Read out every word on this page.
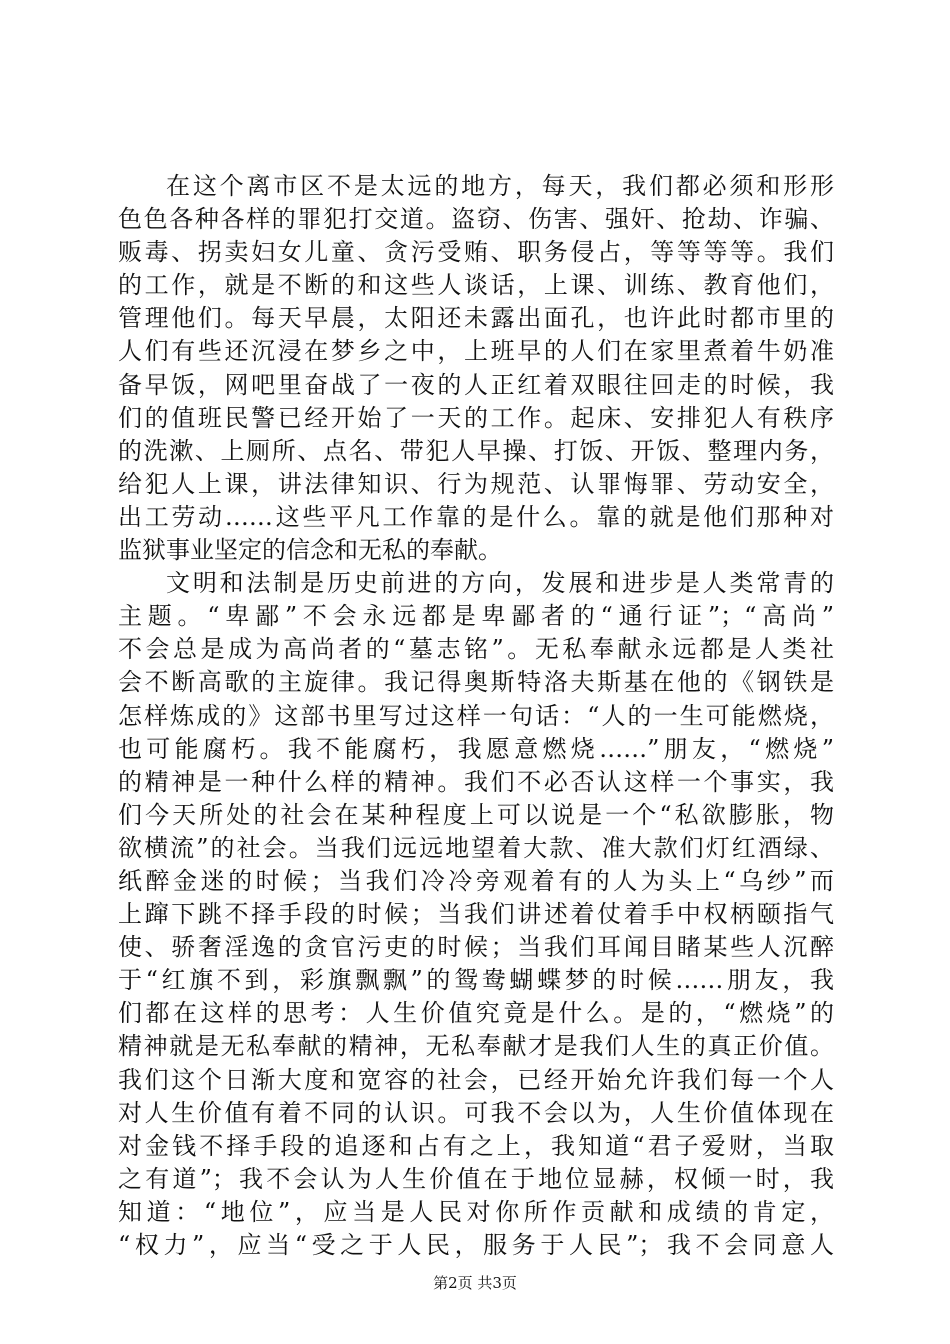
在这个离市区不是太远的地方，每天，我们都必须和形形
色色各种各样的罪犯打交道。盗窃、伤害、强奸、抢劫、诈骗、
贩毒、拐卖妇女儿童、贪污受贿、职务侵占，等等等等。我们
的工作，就是不断的和这些人谈话，上课、训练、教育他们，
管理他们。每天早晨，太阳还未露出面孔，也许此时都市里的
人们有些还沉浸在梦乡之中，上班早的人们在家里煮着牛奶准
备早饭，网吧里奋战了一夜的人正红着双眼往回走的时候，我
们的值班民警已经开始了一天的工作。起床、安排犯人有秩序
的洗漱、上厕所、点名、带犯人早操、打饭、开饭、整理内务，
给犯人上课，讲法律知识、行为规范、认罪悔罪、劳动安全，
出工劳动……这些平凡工作靠的是什么。靠的就是他们那种对
监狱事业坚定的信念和无私的奉献。
文明和法制是历史前进的方向，发展和进步是人类常青的
主题。“卑鄙”不会永远都是卑鄙者的“通行证”；“高尚”
不会总是成为高尚者的“墓志铭”。无私奉献永远都是人类社
会不断高歌的主旋律。我记得奥斯特洛夫斯基在他的《钢铁是
怎样炼成的》这部书里写过这样一句话：“人的一生可能燃烧，
也可能腐朽。我不能腐朽，我愿意燃烧……”朋友，“燃烧”
的精神是一种什么样的精神。我们不必否认这样一个事实，我
们今天所处的社会在某种程度上可以说是一个“私欲膨胀，物
欲横流”的社会。当我们远远地望着大款、准大款们灯红酒绿、
纸醉金迷的时候；当我们冷冷旁观着有的人为头上“乌纱”而
上蹿下跳不择手段的时候；当我们讲述着仗着手中权柄颐指气
使、骄奢淫逸的贪官污吏的时候；当我们耳闻目睹某些人沉醉
于“红旗不到，彩旗飘飘”的鸳鸯蝴蝶梦的时候……朋友，我
们都在这样的思考：人生价值究竟是什么。是的，“燃烧”的
精神就是无私奉献的精神，无私奉献才是我们人生的真正价值。
我们这个日渐大度和宽容的社会，已经开始允许我们每一个人
对人生价值有着不同的认识。可我不会以为，人生价值体现在
对金钱不择手段的追逐和占有之上，我知道“君子爱财，当取
之有道”；我不会认为人生价值在于地位显赫，权倾一时，我
知道：“地位”，应当是人民对你所作贡献和成绩的肯定，
“权力”，应当“受之于人民，服务于人民”；我不会同意人
第2页 共3页
